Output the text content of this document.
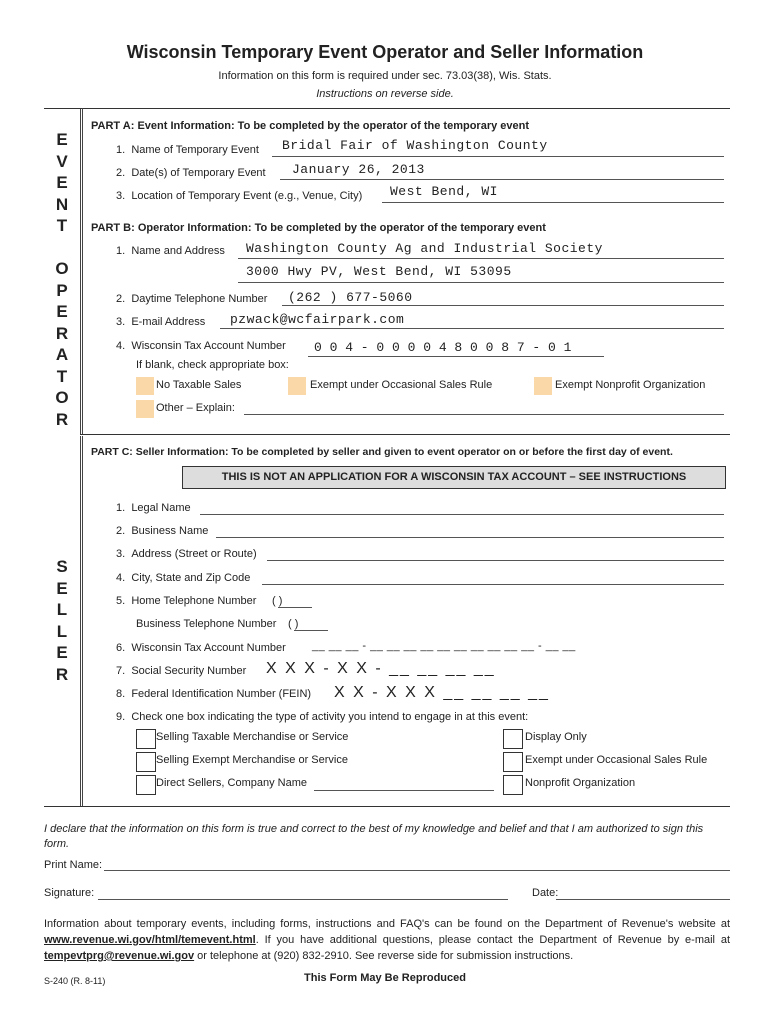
Wisconsin Temporary Event Operator and Seller Information
Information on this form is required under sec. 73.03(38), Wis. Stats.
Instructions on reverse side.
E
V
E
N
T
O
P
E
R
A
T
O
R
S
E
L
L
E
R
PART A: Event Information: To be completed by the operator of the temporary event
1. Name of Temporary Event Bridal Fair of Washington County
2. Date(s) of Temporary Event January 26, 2013
3. Location of Temporary Event (e.g., Venue, City) West Bend, WI
PART B: Operator Information: To be completed by the operator of the temporary event
1. Name and Address Washington County Ag and Industrial Society
3000 Hwy PV, West Bend, WI 53095
2. Daytime Telephone Number (262 ) 677-5060
3. E-mail Address pzwack@wcfairpark.com
4. Wisconsin Tax Account Number 0 0 4 - 0 0 0 0 4 8 0 0 8 7 - 0 1
If blank, check appropriate box:
No Taxable Sales	Exempt under Occasional Sales Rule	Exempt Nonprofit Organization
Other – Explain:
PART C: Seller Information: To be completed by seller and given to event operator on or before the first day of event.
THIS IS NOT AN APPLICATION FOR A WISCONSIN TAX ACCOUNT – SEE INSTRUCTIONS
1. Legal Name
2. Business Name
3. Address (Street or Route)
4. City, State and Zip Code
5. Home Telephone Number ( )
Business Telephone Number ( )
6. Wisconsin Tax Account Number __ __ __ - __ __ __ __ __ __ __ __ __ __ - __ __
7. Social Security Number X X X - X X - __ __ __ __
8. Federal Identification Number (FEIN) X X - X X X __ __ __ __
9. Check one box indicating the type of activity you intend to engage in at this event:
Selling Taxable Merchandise or Service	Display Only
Selling Exempt Merchandise or Service	Exempt under Occasional Sales Rule
Direct Sellers, Company Name	Nonprofit Organization
I declare that the information on this form is true and correct to the best of my knowledge and belief and that I am authorized to sign this form.
Print Name:
Signature:	Date:
Information about temporary events, including forms, instructions and FAQ's can be found on the Department of Revenue's website at www.revenue.wi.gov/html/temevent.html. If you have additional questions, please contact the Department of Revenue by e-mail at tempevtprg@revenue.wi.gov or telephone at (920) 832-2910. See reverse side for submission instructions.
S-240 (R. 8-11)	This Form May Be Reproduced
